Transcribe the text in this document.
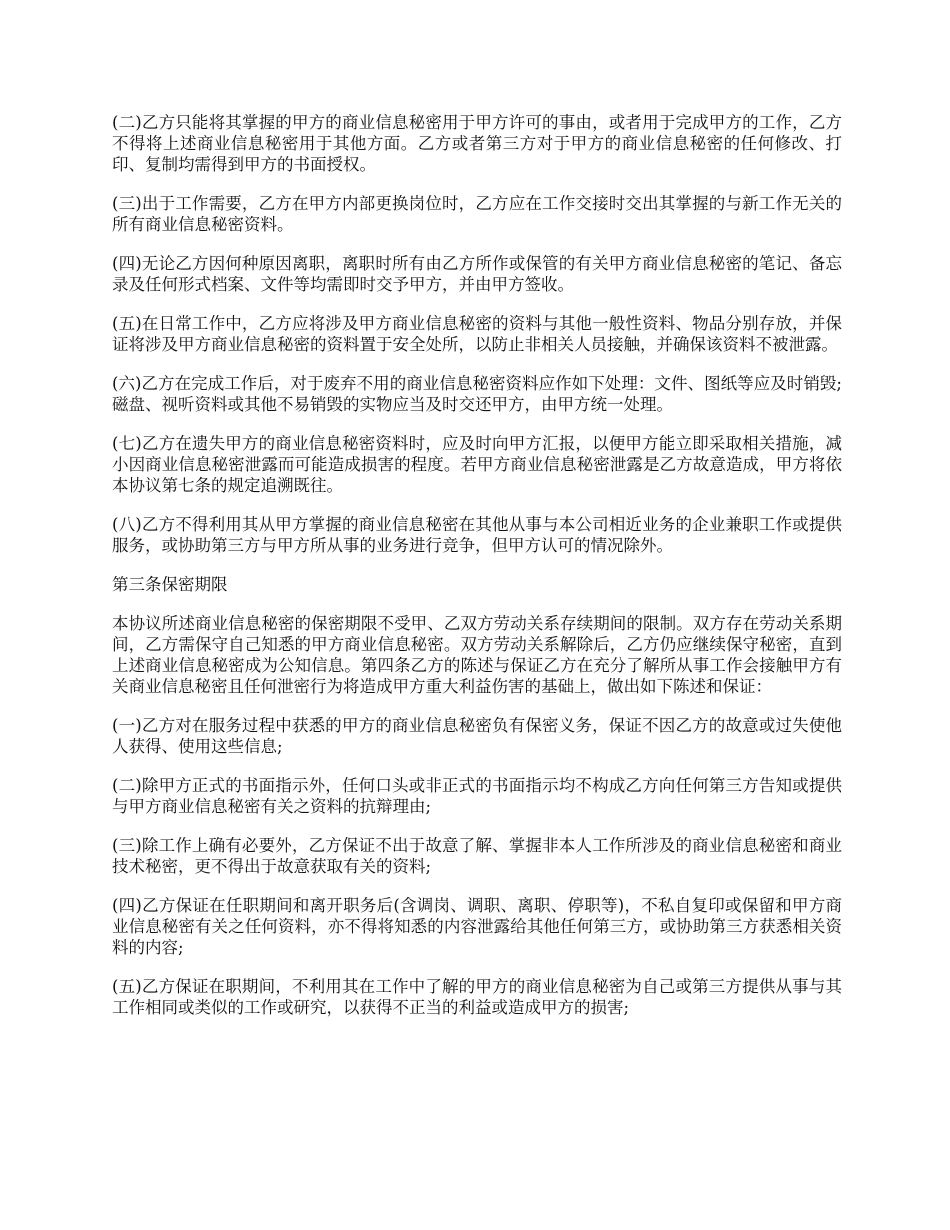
(二)乙方只能将其掌握的甲方的商业信息秘密用于甲方许可的事由，或者用于完成甲方的工作，乙方不得将上述商业信息秘密用于其他方面。乙方或者第三方对于甲方的商业信息秘密的任何修改、打印、复制均需得到甲方的书面授权。

(三)出于工作需要，乙方在甲方内部更换岗位时，乙方应在工作交接时交出其掌握的与新工作无关的所有商业信息秘密资料。

(四)无论乙方因何种原因离职，离职时所有由乙方所作或保管的有关甲方商业信息秘密的笔记、备忘录及任何形式档案、文件等均需即时交予甲方，并由甲方签收。

(五)在日常工作中，乙方应将涉及甲方商业信息秘密的资料与其他一般性资料、物品分别存放，并保证将涉及甲方商业信息秘密的资料置于安全处所，以防止非相关人员接触，并确保该资料不被泄露。

(六)乙方在完成工作后，对于废弃不用的商业信息秘密资料应作如下处理：文件、图纸等应及时销毁;磁盘、视听资料或其他不易销毁的实物应当及时交还甲方，由甲方统一处理。

(七)乙方在遗失甲方的商业信息秘密资料时，应及时向甲方汇报，以便甲方能立即采取相关措施，减小因商业信息秘密泄露而可能造成损害的程度。若甲方商业信息秘密泄露是乙方故意造成，甲方将依本协议第七条的规定追溯既往。

(八)乙方不得利用其从甲方掌握的商业信息秘密在其他从事与本公司相近业务的企业兼职工作或提供服务，或协助第三方与甲方所从事的业务进行竞争，但甲方认可的情况除外。

第三条保密期限

本协议所述商业信息秘密的保密期限不受甲、乙双方劳动关系存续期间的限制。双方存在劳动关系期间，乙方需保守自己知悉的甲方商业信息秘密。双方劳动关系解除后，乙方仍应继续保守秘密，直到上述商业信息秘密成为公知信息。第四条乙方的陈述与保证乙方在充分了解所从事工作会接触甲方有关商业信息秘密且任何泄密行为将造成甲方重大利益伤害的基础上，做出如下陈述和保证：

(一)乙方对在服务过程中获悉的甲方的商业信息秘密负有保密义务，保证不因乙方的故意或过失使他人获得、使用这些信息;

(二)除甲方正式的书面指示外，任何口头或非正式的书面指示均不构成乙方向任何第三方告知或提供与甲方商业信息秘密有关之资料的抗辩理由;

(三)除工作上确有必要外，乙方保证不出于故意了解、掌握非本人工作所涉及的商业信息秘密和商业技术秘密，更不得出于故意获取有关的资料;

(四)乙方保证在任职期间和离开职务后(含调岗、调职、离职、停职等)，不私自复印或保留和甲方商业信息秘密有关之任何资料，亦不得将知悉的内容泄露给其他任何第三方，或协助第三方获悉相关资料的内容;

(五)乙方保证在职期间，不利用其在工作中了解的甲方的商业信息秘密为自己或第三方提供从事与其工作相同或类似的工作或研究，以获得不正当的利益或造成甲方的损害;
